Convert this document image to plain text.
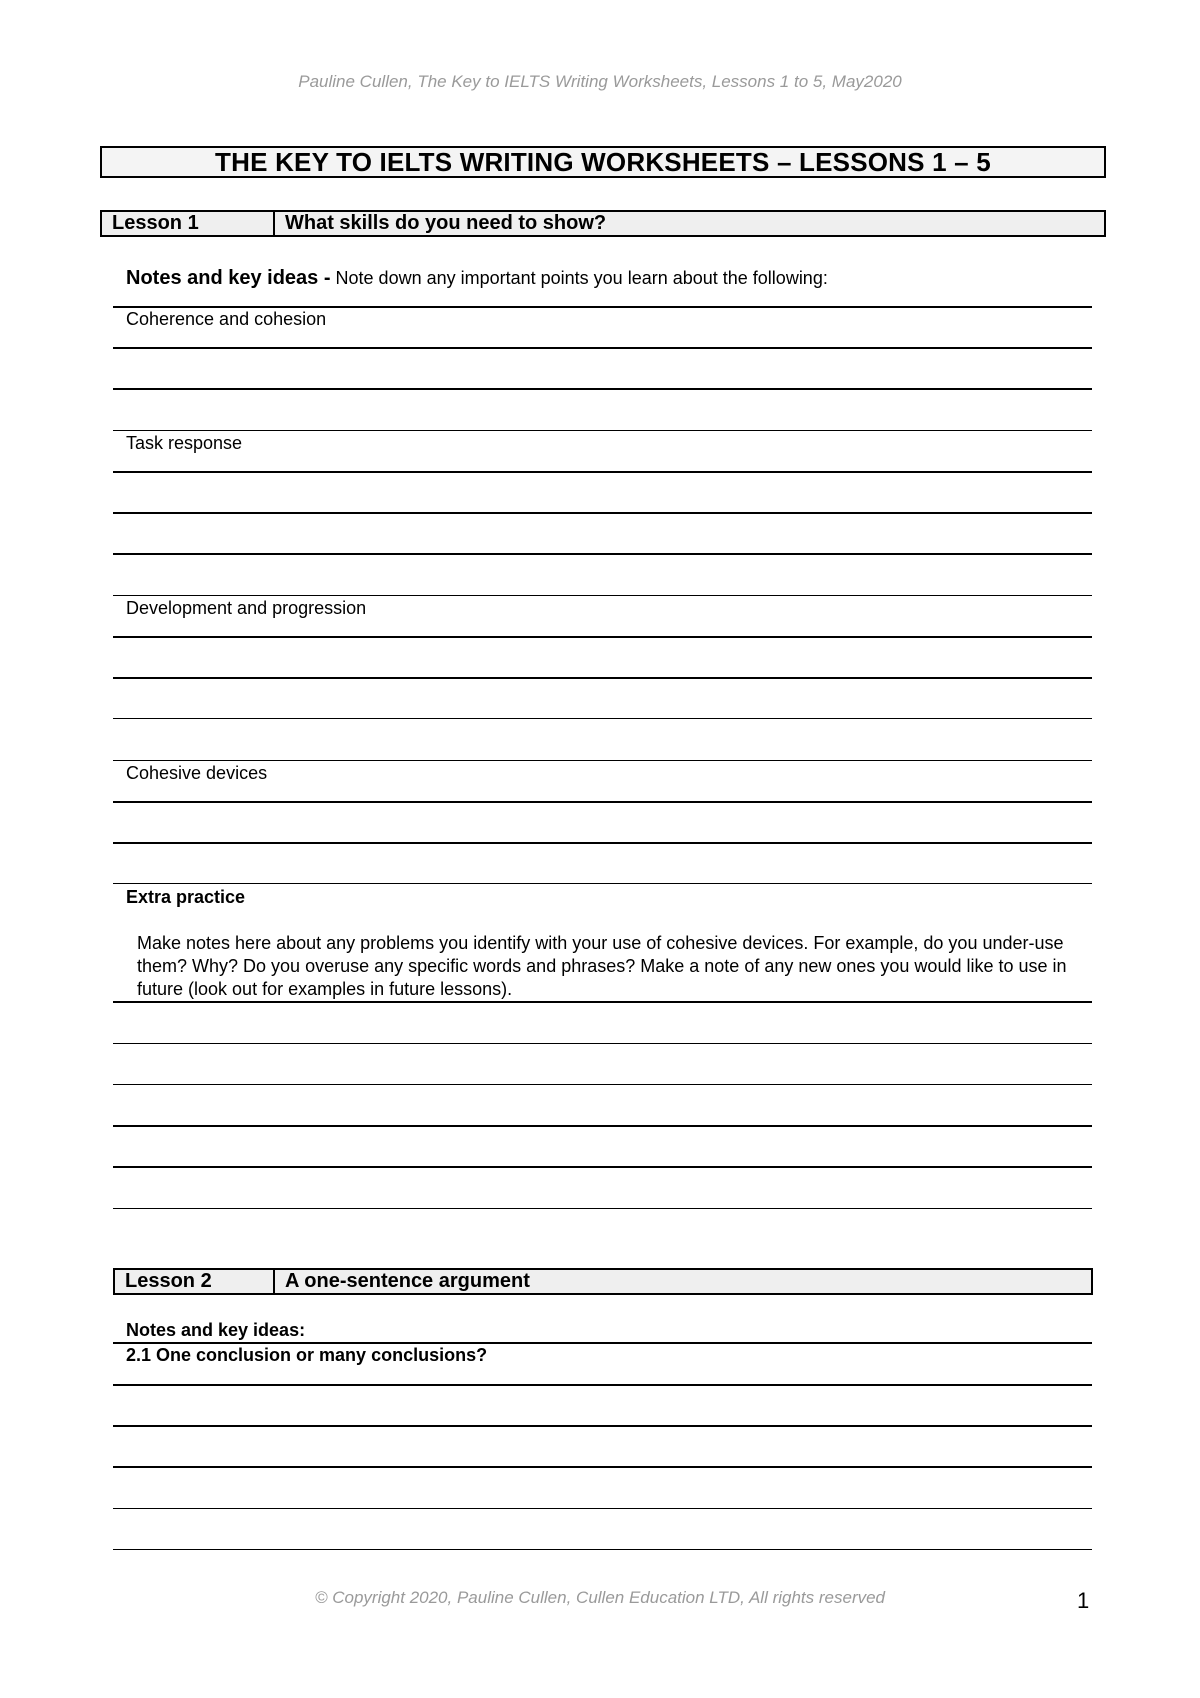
Pauline Cullen, The Key to IELTS Writing Worksheets, Lessons 1 to 5, May2020
THE KEY TO IELTS WRITING WORKSHEETS – LESSONS 1 – 5
Lesson 1	What skills do you need to show?
Notes and key ideas - Note down any important points you learn about the following:
Coherence and cohesion
Task response
Development and progression
Cohesive devices
Extra practice
Make notes here about any problems you identify with your use of cohesive devices. For example, do you under-use them? Why? Do you overuse any specific words and phrases? Make a note of any new ones you would like to use in future (look out for examples in future lessons).
Lesson 2	A one-sentence argument
Notes and key ideas:
2.1 One conclusion or many conclusions?
© Copyright 2020, Pauline Cullen, Cullen Education LTD, All rights reserved	1
